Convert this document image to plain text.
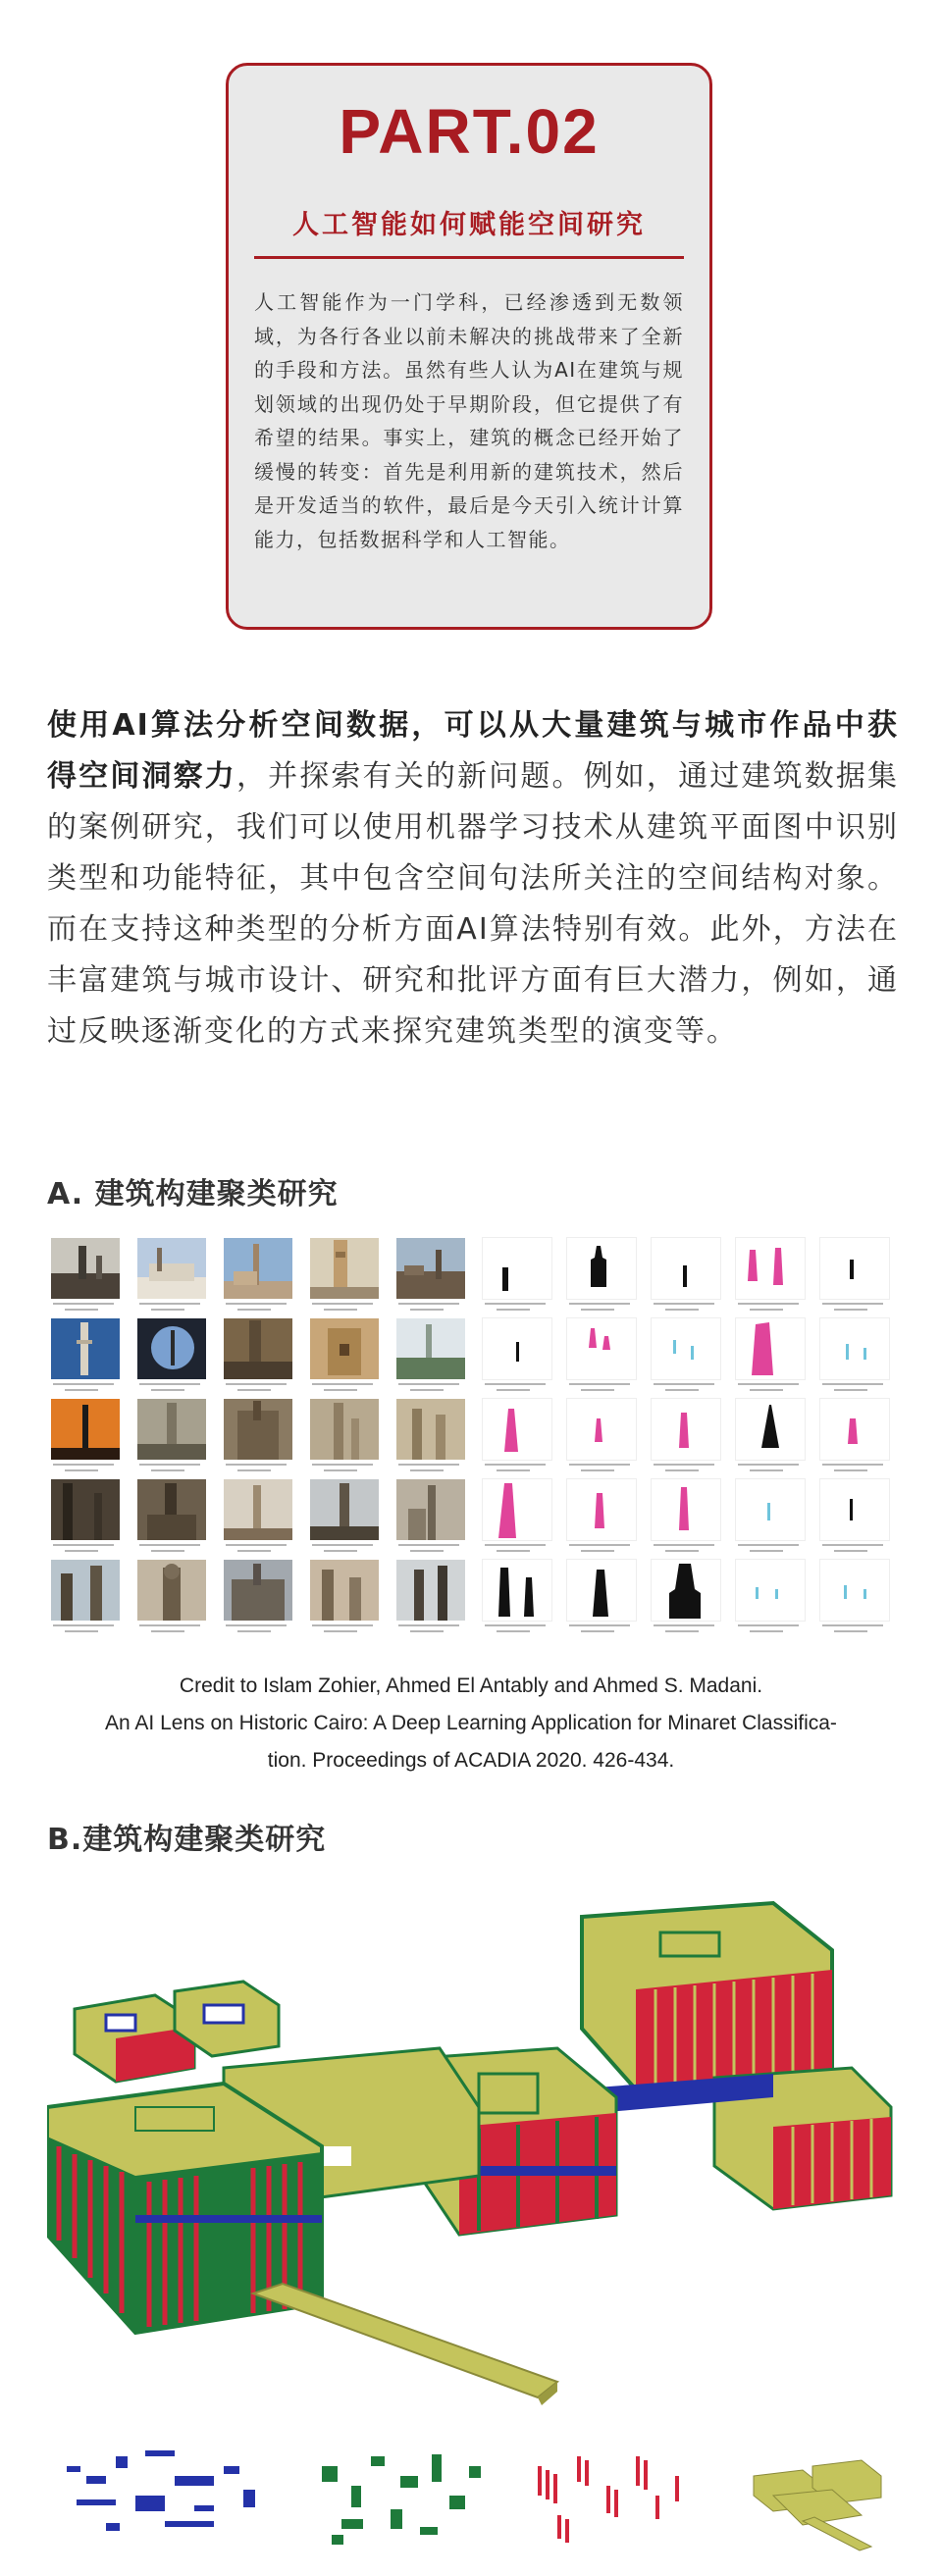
PART.02
人工智能如何赋能空间研究
人工智能作为一门学科，已经渗透到无数领域，为各行各业以前未解决的挑战带来了全新的手段和方法。虽然有些人认为AI在建筑与规划领域的出现仍处于早期阶段，但它提供了有希望的结果。事实上，建筑的概念已经开始了缓慢的转变：首先是利用新的建筑技术，然后是开发适当的软件，最后是今天引入统计计算能力，包括数据科学和人工智能。
使用AI算法分析空间数据，可以从大量建筑与城市作品中获得空间洞察力，并探索有关的新问题。例如，通过建筑数据集的案例研究，我们可以使用机器学习技术从建筑平面图中识别类型和功能特征，其中包含空间句法所关注的空间结构对象。而在支持这种类型的分析方面AI算法特别有效。此外，方法在丰富建筑与城市设计、研究和批评方面有巨大潜力，例如，通过反映逐渐变化的方式来探究建筑类型的演变等。
A. 建筑构建聚类研究
Credit to Islam Zohier, Ahmed El Antably and Ahmed S. Madani.
An AI Lens on Historic Cairo: A Deep Learning Application for Minaret Classifica-
tion. Proceedings of ACADIA 2020. 426-434.
B.建筑构建聚类研究
